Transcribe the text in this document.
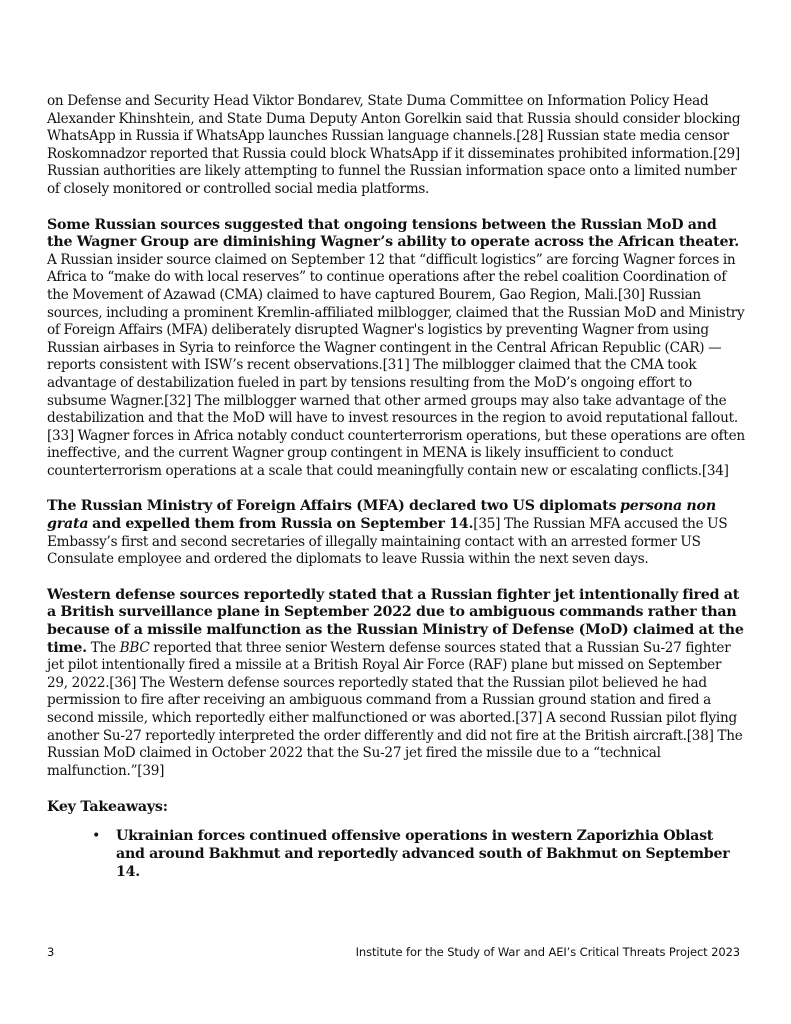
on Defense and Security Head Viktor Bondarev, State Duma Committee on Information Policy Head Alexander Khinshtein, and State Duma Deputy Anton Gorelkin said that Russia should consider blocking WhatsApp in Russia if WhatsApp launches Russian language channels.[28] Russian state media censor Roskomnadzor reported that Russia could block WhatsApp if it disseminates prohibited information.[29] Russian authorities are likely attempting to funnel the Russian information space onto a limited number of closely monitored or controlled social media platforms.

Some Russian sources suggested that ongoing tensions between the Russian MoD and the Wagner Group are diminishing Wagner’s ability to operate across the African theater. A Russian insider source claimed on September 12 that “difficult logistics” are forcing Wagner forces in Africa to “make do with local reserves” to continue operations after the rebel coalition Coordination of the Movement of Azawad (CMA) claimed to have captured Bourem, Gao Region, Mali.[30] Russian sources, including a prominent Kremlin-affiliated milblogger, claimed that the Russian MoD and Ministry of Foreign Affairs (MFA) deliberately disrupted Wagner's logistics by preventing Wagner from using Russian airbases in Syria to reinforce the Wagner contingent in the Central African Republic (CAR) — reports consistent with ISW’s recent observations.[31] The milblogger claimed that the CMA took advantage of destabilization fueled in part by tensions resulting from the MoD’s ongoing effort to subsume Wagner.[32] The milblogger warned that other armed groups may also take advantage of the destabilization and that the MoD will have to invest resources in the region to avoid reputational fallout.[33] Wagner forces in Africa notably conduct counterterrorism operations, but these operations are often ineffective, and the current Wagner group contingent in MENA is likely insufficient to conduct counterterrorism operations at a scale that could meaningfully contain new or escalating conflicts.[34]

The Russian Ministry of Foreign Affairs (MFA) declared two US diplomats persona non grata and expelled them from Russia on September 14.[35] The Russian MFA accused the US Embassy’s first and second secretaries of illegally maintaining contact with an arrested former US Consulate employee and ordered the diplomats to leave Russia within the next seven days.

Western defense sources reportedly stated that a Russian fighter jet intentionally fired at a British surveillance plane in September 2022 due to ambiguous commands rather than because of a missile malfunction as the Russian Ministry of Defense (MoD) claimed at the time. The BBC reported that three senior Western defense sources stated that a Russian Su-27 fighter jet pilot intentionally fired a missile at a British Royal Air Force (RAF) plane but missed on September 29, 2022.[36] The Western defense sources reportedly stated that the Russian pilot believed he had permission to fire after receiving an ambiguous command from a Russian ground station and fired a second missile, which reportedly either malfunctioned or was aborted.[37] A second Russian pilot flying another Su-27 reportedly interpreted the order differently and did not fire at the British aircraft.[38] The Russian MoD claimed in October 2022 that the Su-27 jet fired the missile due to a “technical malfunction.”[39]

Key Takeaways:
• Ukrainian forces continued offensive operations in western Zaporizhia Oblast and around Bakhmut and reportedly advanced south of Bakhmut on September 14.
3	Institute for the Study of War and AEI’s Critical Threats Project 2023
